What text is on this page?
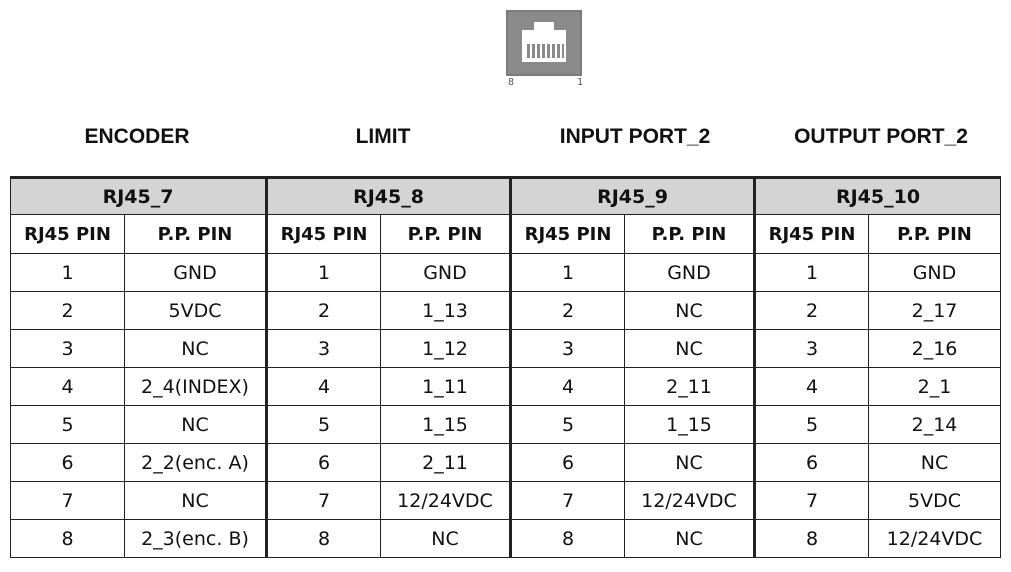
8	1
ENCODER	LIMIT	INPUT PORT_2	OUTPUT PORT_2
RJ45_7		RJ45_8		RJ45_9		RJ45_10	
RJ45 PIN	P.P. PIN	RJ45 PIN	P.P. PIN	RJ45 PIN	P.P. PIN	RJ45 PIN	P.P. PIN
1	GND	1	GND	1	GND	1	GND
2	5VDC	2	1_13	2	NC	2	2_17
3	NC	3	1_12	3	NC	3	2_16
4	2_4(INDEX)	4	1_11	4	2_11	4	2_1
5	NC	5	1_15	5	1_15	5	2_14
6	2_2(enc. A)	6	2_11	6	NC	6	NC
7	NC	7	12/24VDC	7	12/24VDC	7	5VDC
8	2_3(enc. B)	8	NC	8	NC	8	12/24VDC
